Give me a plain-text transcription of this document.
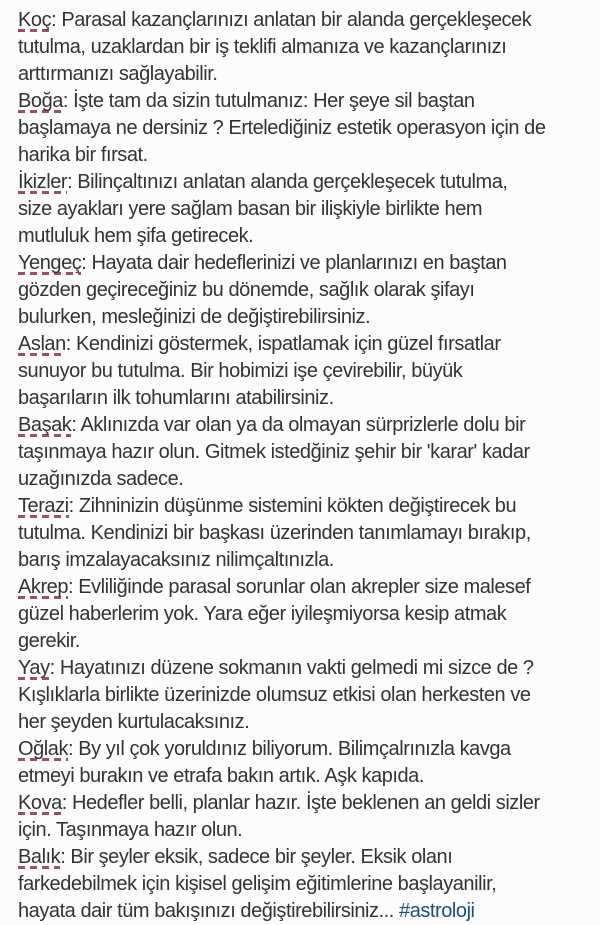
Koç: Parasal kazançlarınızı anlatan bir alanda gerçekleşecek
tutulma, uzaklardan bir iş teklifi almanıza ve kazançlarınızı
arttırmanızı sağlayabilir.
Boğa: İşte tam da sizin tutulmanız: Her şeye sil baştan
başlamaya ne dersiniz ? Ertelediğiniz estetik operasyon için de
harika bir fırsat.
İkizler: Bilinçaltınızı anlatan alanda gerçekleşecek tutulma,
size ayakları yere sağlam basan bir ilişkiyle birlikte hem
mutluluk hem şifa getirecek.
Yengeç: Hayata dair hedeflerinizi ve planlarınızı en baştan
gözden geçireceğiniz bu dönemde, sağlık olarak şifayı
bulurken, mesleğinizi de değiştirebilirsiniz.
Aslan: Kendinizi göstermek, ispatlamak için güzel fırsatlar
sunuyor bu tutulma. Bir hobimizi işe çevirebilir, büyük
başarıların ilk tohumlarını atabilirsiniz.
Başak: Aklınızda var olan ya da olmayan sürprizlerle dolu bir
taşınmaya hazır olun. Gitmek istedğiniz şehir bir 'karar' kadar
uzağınızda sadece.
Terazi: Zihninizin düşünme sistemini kökten değiştirecek bu
tutulma. Kendinizi bir başkası üzerinden tanımlamayı bırakıp,
barış imzalayacaksınız nilimçaltınızla.
Akrep: Evliliğinde parasal sorunlar olan akrepler size malesef
güzel haberlerim yok. Yara eğer iyileşmiyorsa kesip atmak
gerekir.
Yay: Hayatınızı düzene sokmanın vakti gelmedi mi sizce de ?
Kışlıklarla birlikte üzerinizde olumsuz etkisi olan herkesten ve
her şeyden kurtulacaksınız.
Oğlak: By yıl çok yoruldınız biliyorum. Bilimçalrınızla kavga
etmeyi burakın ve etrafa bakın artık. Aşk kapıda.
Kova: Hedefler belli, planlar hazır. İşte beklenen an geldi sizler
için. Taşınmaya hazır olun.
Balık: Bir şeyler eksik, sadece bir şeyler. Eksik olanı
farkedebilmek için kişisel gelişim eğitimlerine başlayanilir,
hayata dair tüm bakışınızı değiştirebilirsiniz... #astroloji
